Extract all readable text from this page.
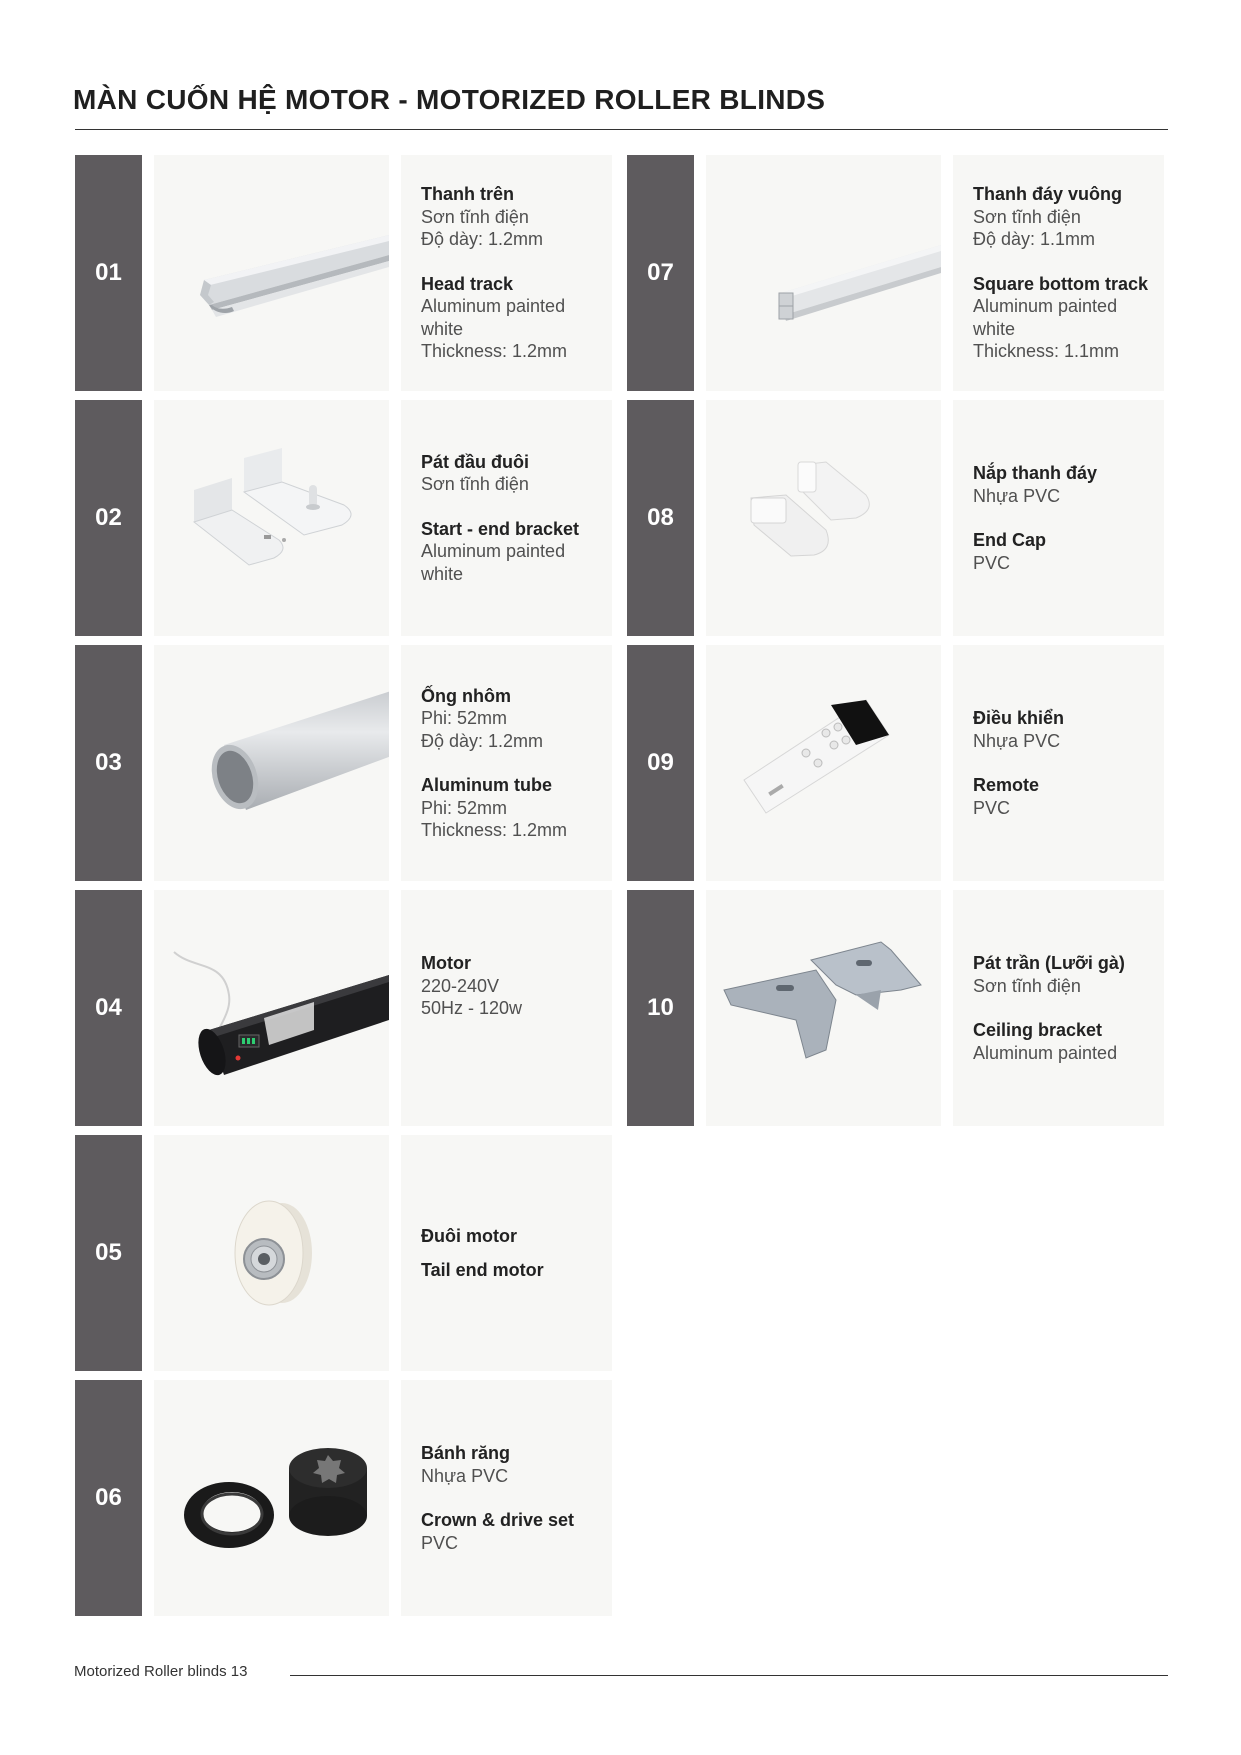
MÀN CUỐN HỆ MOTOR - MOTORIZED ROLLER BLINDS
01
Thanh trên
Sơn tĩnh điện
Độ dày: 1.2mm
Head track
Aluminum painted
white
Thickness: 1.2mm
02
Pát đầu đuôi
Sơn tĩnh điện
Start - end bracket
Aluminum painted
white
03
Ống nhôm
Phi: 52mm
Độ dày: 1.2mm
Aluminum tube
Phi: 52mm
Thickness: 1.2mm
04
Motor
220-240V
50Hz - 120w
05
Đuôi motor
Tail end motor
06
Bánh răng
Nhựa PVC
Crown & drive set
PVC
07
Thanh đáy vuông
Sơn tĩnh điện
Độ dày: 1.1mm
Square bottom track
Aluminum painted
white
Thickness: 1.1mm
08
Nắp thanh đáy
Nhựa PVC
End Cap
PVC
09
Điều khiển
Nhựa PVC
Remote
PVC
10
Pát trần (Lưỡi gà)
Sơn tĩnh điện
Ceiling bracket
Aluminum painted
Motorized Roller blinds 13
